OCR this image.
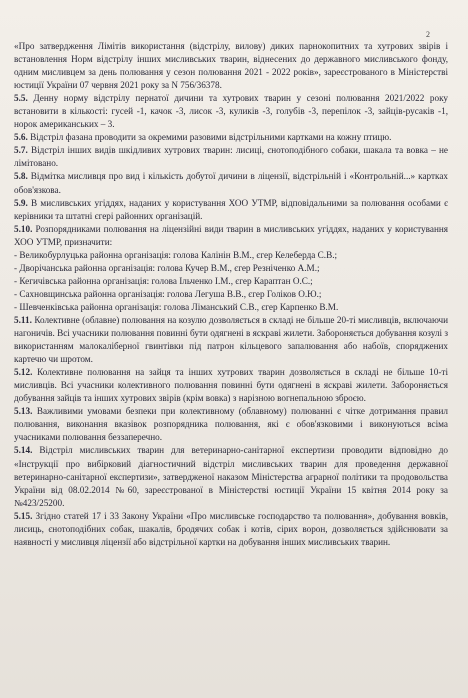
2

«Про затвердження Лімітів використання (відстрілу, вилову) диких парнокопитних та хутрових звірів і встановлення Норм відстрілу інших мисливських тварин, віднесених до державного мисливського фонду, одним мисливцем за день полювання у сезон полювання 2021 - 2022 років», зареєстрованого в Міністерстві юстиції України 07 червня 2021 року за N 756/36378.

5.5. Денну норму відстрілу пернатої дичини та хутрових тварин у сезоні полювання 2021/2022 року встановити в кількості: гусей -1, качок -3, лисок -3, куликів -3, голубів -3, перепілок -3, зайців-русаків -1, норок американських – 3.

5.6. Відстріл фазана проводити за окремими разовими відстрільними картками на кожну птицю.

5.7. Відстріл інших видів шкідливих хутрових тварин: лисиці, єнотоподібного собаки, шакала та вовка – не лімітовано.

5.8. Відмітка мисливця про вид і кількість добутої дичини в ліцензії, відстрільній і «Контрольній...» картках обов'язкова.

5.9. В мисливських угіддях, наданих у користування ХОО УТМР, відповідальними за полювання особами є керівники та штатні єгері районних організацій.

5.10. Розпорядниками полювання на ліцензійні види тварин в мисливських угіддях, наданих у користування ХОО УТМР, призначити:

- Великобурлуцька районна організація: голова Калінін В.М., єгер Келеберда С.В.;
- Дворічанська районна організація: голова Кучер В.М., єгер Резніченко А.М.;
- Кегичівська районна організація: голова Ільченко І.М., єгер Караптан О.С.;
- Сахновщинська районна організація: голова Легуша В.В., єгер Голіков О.Ю.;
- Шевченківська районна організація: голова Ліманський С.В., єгер Карпенко В.М.

5.11. Колективне (облавне) полювання на козулю дозволяється в складі не більше 20-ті мисливців, включаючи нагоничів. Всі учасники полювання повинні бути одягнені в яскраві жилети. Забороняється добування козулі з використанням малокаліберної гвинтівки під патрон кільцевого запалювання або набоїв, споряджених картечю чи шротом.

5.12. Колективне полювання на зайця та інших хутрових тварин дозволяється в складі не більше 10-ті мисливців. Всі учасники колективного полювання повинні бути одягнені в яскраві жилети. Забороняється добування зайців та інших хутрових звірів (крім вовка) з нарізною вогнепальною зброєю.

5.13. Важливими умовами безпеки при колективному (облавному) полюванні є чітке дотримання правил полювання, виконання вказівок розпорядника полювання, які є обов'язковими і виконуються всіма учасниками полювання беззаперечно.

5.14. Відстріл мисливських тварин для ветеринарно-санітарної експертизи проводити відповідно до «Інструкції про вибірковий діагностичний відстріл мисливських тварин для проведення державної ветеринарно-санітарної експертизи», затвердженої наказом Міністерства аграрної політики та продовольства України від 08.02.2014 №60, зареєстрованої в Міністерстві юстиції України 15 квітня 2014 року за №423/25200.

5.15. Згідно статей 17 і 33 Закону України «Про мисливське господарство та полювання», добування вовків, лисиць, єнотоподібних собак, шакалів, бродячих собак і котів, сірих ворон, дозволяється здійснювати за наявності у мисливця ліцензії або відстрільної картки на добування інших мисливських тварин.
